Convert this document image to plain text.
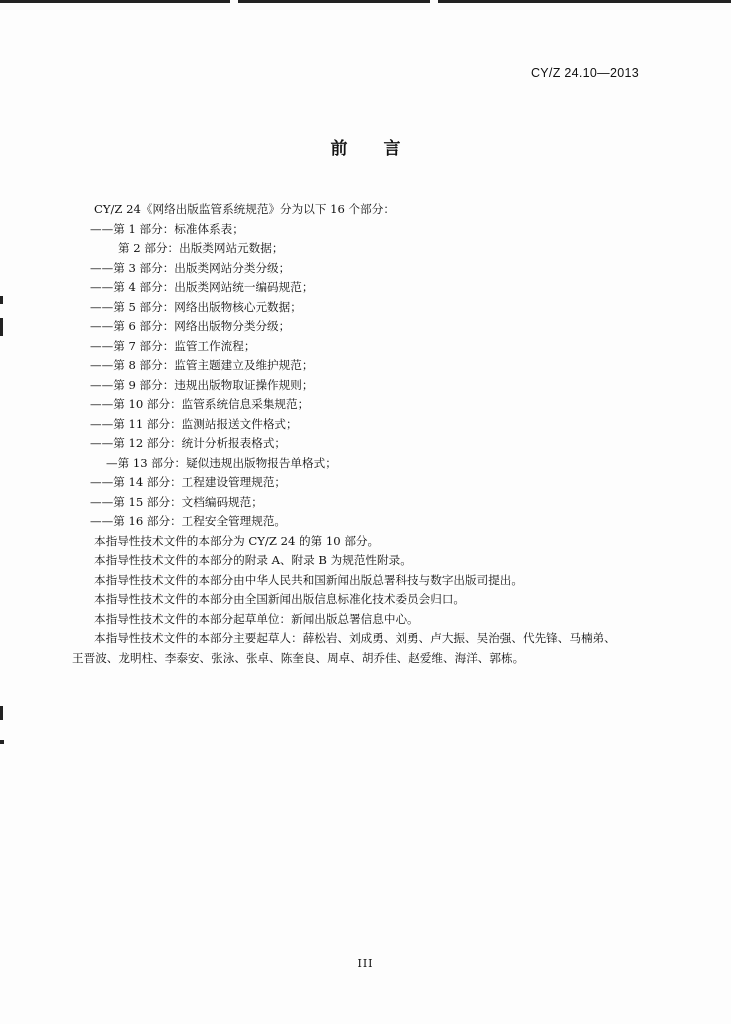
CY/Z 24.10—2013
前言
CY/Z 24《网络出版监管系统规范》分为以下 16 个部分：
——第 1 部分：标准体系表；
第 2 部分：出版类网站元数据；
——第 3 部分：出版类网站分类分级；
——第 4 部分：出版类网站统一编码规范；
——第 5 部分：网络出版物核心元数据；
——第 6 部分：网络出版物分类分级；
——第 7 部分：监管工作流程；
——第 8 部分：监管主题建立及维护规范；
——第 9 部分：违规出版物取证操作规则；
——第 10 部分：监管系统信息采集规范；
——第 11 部分：监测站报送文件格式；
——第 12 部分：统计分析报表格式；
—第 13 部分：疑似违规出版物报告单格式；
——第 14 部分：工程建设管理规范；
——第 15 部分：文档编码规范；
——第 16 部分：工程安全管理规范。
本指导性技术文件的本部分为 CY/Z 24 的第 10 部分。
本指导性技术文件的本部分的附录 A、附录 B 为规范性附录。
本指导性技术文件的本部分由中华人民共和国新闻出版总署科技与数字出版司提出。
本指导性技术文件的本部分由全国新闻出版信息标准化技术委员会归口。
本指导性技术文件的本部分起草单位：新闻出版总署信息中心。
本指导性技术文件的本部分主要起草人：薛松岩、刘成勇、刘勇、卢大振、吴治强、代先锋、马楠弟、
王晋波、龙明柱、李泰安、张泳、张卓、陈奎良、周卓、胡乔佳、赵爱维、海洋、郭栋。
III
